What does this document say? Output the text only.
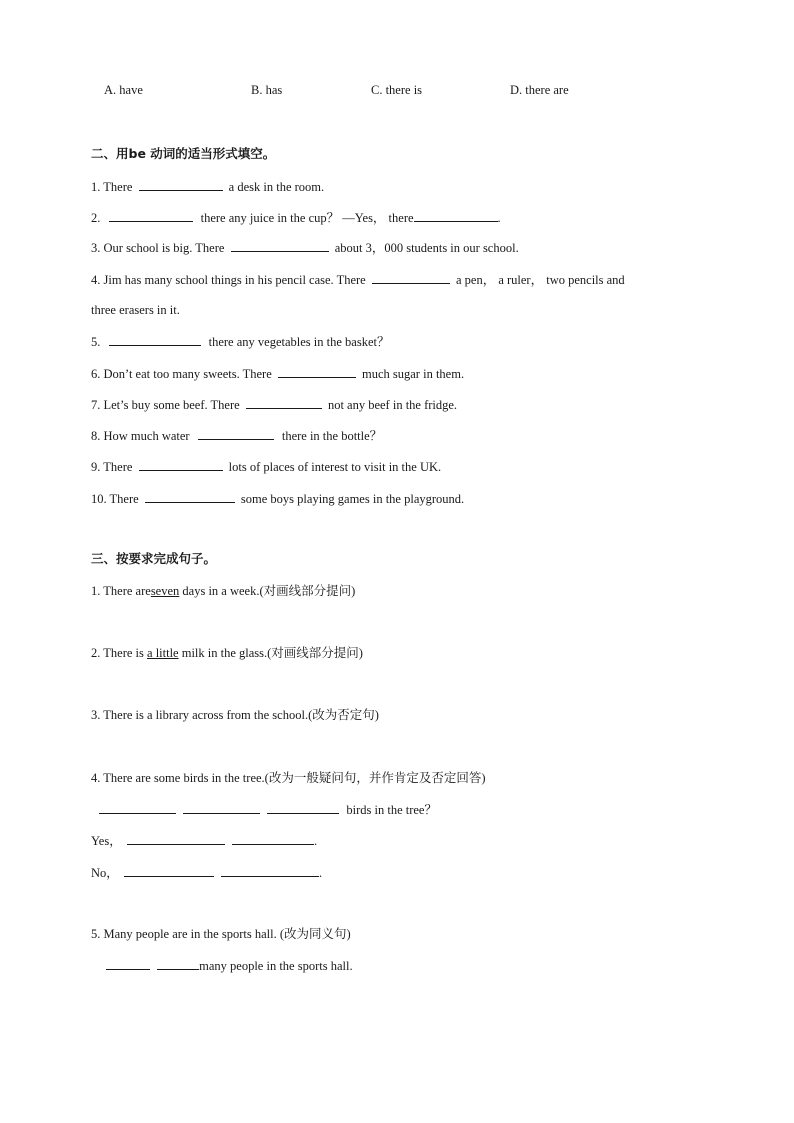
A. have	B. has	C. there is	D. there are
二、用be 动词的适当形式填空。
1. There	a desk in the room.
2.	there any juice in the cup？ —Yes， there	.
3. Our school is big. There	about 3，000 students in our school.
4. Jim has many school things in his pencil case. There	a pen， a ruler， two pencils and
three erasers in it.
5.	there any vegetables in the basket？
6. Don’t eat too many sweets. There	much sugar in them.
7. Let’s buy some beef. There	not any beef in the fridge.
8. How much water	there in the bottle？
9. There	lots of places of interest to visit in the UK.
10. There	some boys playing games in the playground.
三、按要求完成句子。
1. There areseven days in a week.(对画线部分提问)
2. There is a little milk in the glass.(对画线部分提问)
3. There is a library across from the school.(改为否定句)
4. There are some birds in the tree.(改为一般疑问句，并作肯定及否定回答)
birds in the tree？
Yes，	.
No，	.
5. Many people are in the sports hall. (改为同义句)
many people in the sports hall.
